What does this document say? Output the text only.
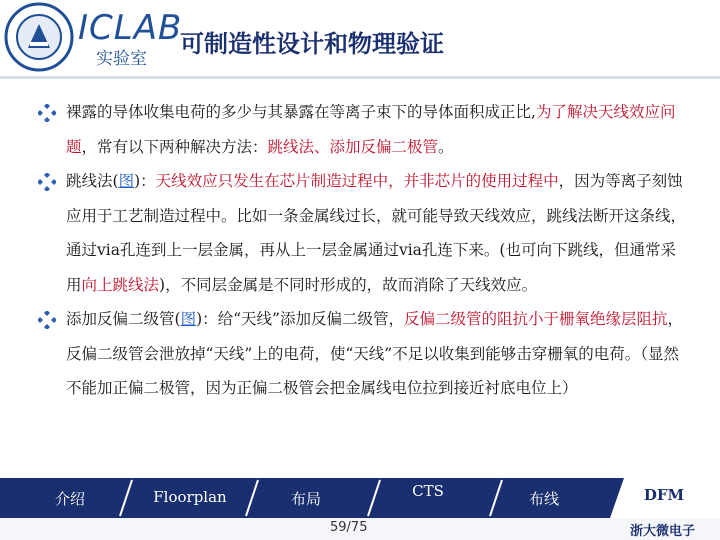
ICLAB
实验室
可制造性设计和物理验证
裸露的导体收集电荷的多少与其暴露在等离子束下的导体面积成正比,为了解决天线效应问题，常有以下两种解决方法：跳线法、添加反偏二极管。
跳线法(图)：天线效应只发生在芯片制造过程中，并非芯片的使用过程中，因为等离子刻蚀应用于工艺制造过程中。比如一条金属线过长，就可能导致天线效应，跳线法断开这条线，通过via孔连到上一层金属，再从上一层金属通过via孔连下来。(也可向下跳线，但通常采用向上跳线法)，不同层金属是不同时形成的，故而消除了天线效应。
添加反偏二级管(图)：给“天线”添加反偏二级管，反偏二级管的阻抗小于栅氧绝缘层阻抗，反偏二级管会泄放掉“天线”上的电荷，使“天线”不足以收集到能够击穿栅氧的电荷。（显然不能加正偏二极管，因为正偏二极管会把金属线电位拉到接近衬底电位上）
介绍	Floorplan	布局	CTS	布线	DFM
59/75	浙大微电子
